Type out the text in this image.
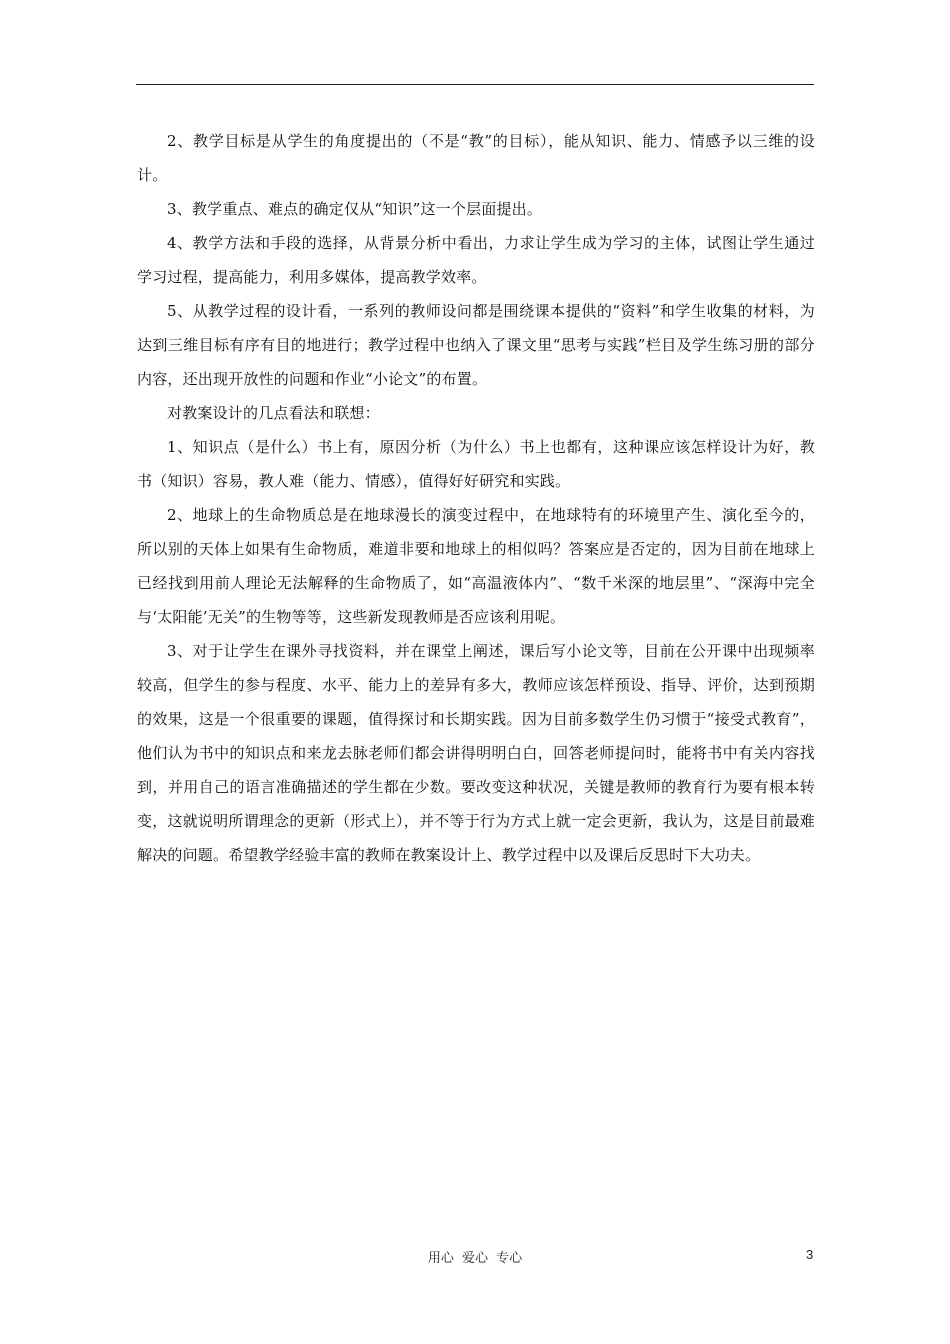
2、教学目标是从学生的角度提出的（不是“教”的目标），能从知识、能力、情感予以三维的设计。

3、教学重点、难点的确定仅从“知识”这一个层面提出。

4、教学方法和手段的选择，从背景分析中看出，力求让学生成为学习的主体，试图让学生通过学习过程，提高能力，利用多媒体，提高教学效率。

5、从教学过程的设计看，一系列的教师设问都是围绕课本提供的“资料”和学生收集的材料，为达到三维目标有序有目的地进行；教学过程中也纳入了课文里“思考与实践”栏目及学生练习册的部分内容，还出现开放性的问题和作业“小论文”的布置。

对教案设计的几点看法和联想：

1、知识点（是什么）书上有，原因分析（为什么）书上也都有，这种课应该怎样设计为好，教书（知识）容易，教人难（能力、情感），值得好好研究和实践。

2、地球上的生命物质总是在地球漫长的演变过程中，在地球特有的环境里产生、演化至今的，所以别的天体上如果有生命物质，难道非要和地球上的相似吗？答案应是否定的，因为目前在地球上已经找到用前人理论无法解释的生命物质了，如“高温液体内”、“数千米深的地层里”、“深海中完全与‘太阳能’无关”的生物等等，这些新发现教师是否应该利用呢。

3、对于让学生在课外寻找资料，并在课堂上阐述，课后写小论文等，目前在公开课中出现频率较高，但学生的参与程度、水平、能力上的差异有多大，教师应该怎样预设、指导、评价，达到预期的效果，这是一个很重要的课题，值得探讨和长期实践。因为目前多数学生仍习惯于“接受式教育”，他们认为书中的知识点和来龙去脉老师们都会讲得明明白白，回答老师提问时，能将书中有关内容找到，并用自己的语言准确描述的学生都在少数。要改变这种状况，关键是教师的教育行为要有根本转变，这就说明所谓理念的更新（形式上），并不等于行为方式上就一定会更新，我认为，这是目前最难解决的问题。希望教学经验丰富的教师在教案设计上、教学过程中以及课后反思时下大功夫。

用心 爱心 专心	3
